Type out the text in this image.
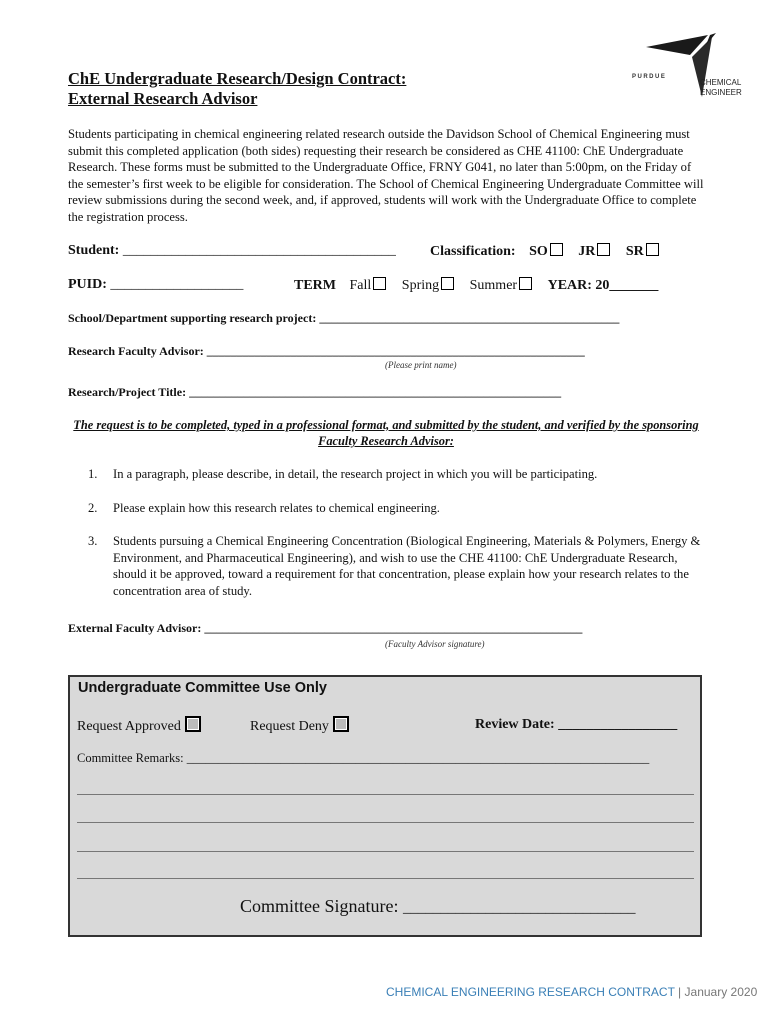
ChE Undergraduate Research/Design Contract:
External Research Advisor
PURDUE
CHEMICAL
ENGINEER
Students participating in chemical engineering related research outside the Davidson School of Chemical Engineering must submit this completed application (both sides) requesting their research be considered as CHE 41100: ChE Undergraduate Research. These forms must be submitted to the Undergraduate Office, FRNY G041, no later than 5:00pm, on the Friday of the semester’s first week to be eligible for consideration. The School of Chemical Engineering Undergraduate Committee will review submissions during the second week, and, if approved, students will work with the Undergraduate Office to complete the registration process.
Student: _______________________________________ Classification: SO JR SR
PUID: ___________________	TERM Fall Spring Summer YEAR: 20_______
School/Department supporting research project: __________________________________________________
Research Faculty Advisor: _______________________________________________________________
(Please print name)
Research/Project Title: ______________________________________________________________
The request is to be completed, typed in a professional format, and submitted by the student, and verified by the sponsoring Faculty Research Advisor:
1.	In a paragraph, please describe, in detail, the research project in which you will be participating.
2.	Please explain how this research relates to chemical engineering.
3.	Students pursuing a Chemical Engineering Concentration (Biological Engineering, Materials & Polymers, Energy & Environment, and Pharmaceutical Engineering), and wish to use the CHE 41100: ChE Undergraduate Research, should it be approved, toward a requirement for that concentration, please explain how your research relates to the concentration area of study.
External Faculty Advisor: _______________________________________________________________
(Faculty Advisor signature)
Undergraduate Committee Use Only
Request Approved	Request Deny	Review Date: _________________
Committee Remarks: __________________________________________________________________________
Committee Signature: _______________________________
CHEMICAL ENGINEERING RESEARCH CONTRACT | January 2020
